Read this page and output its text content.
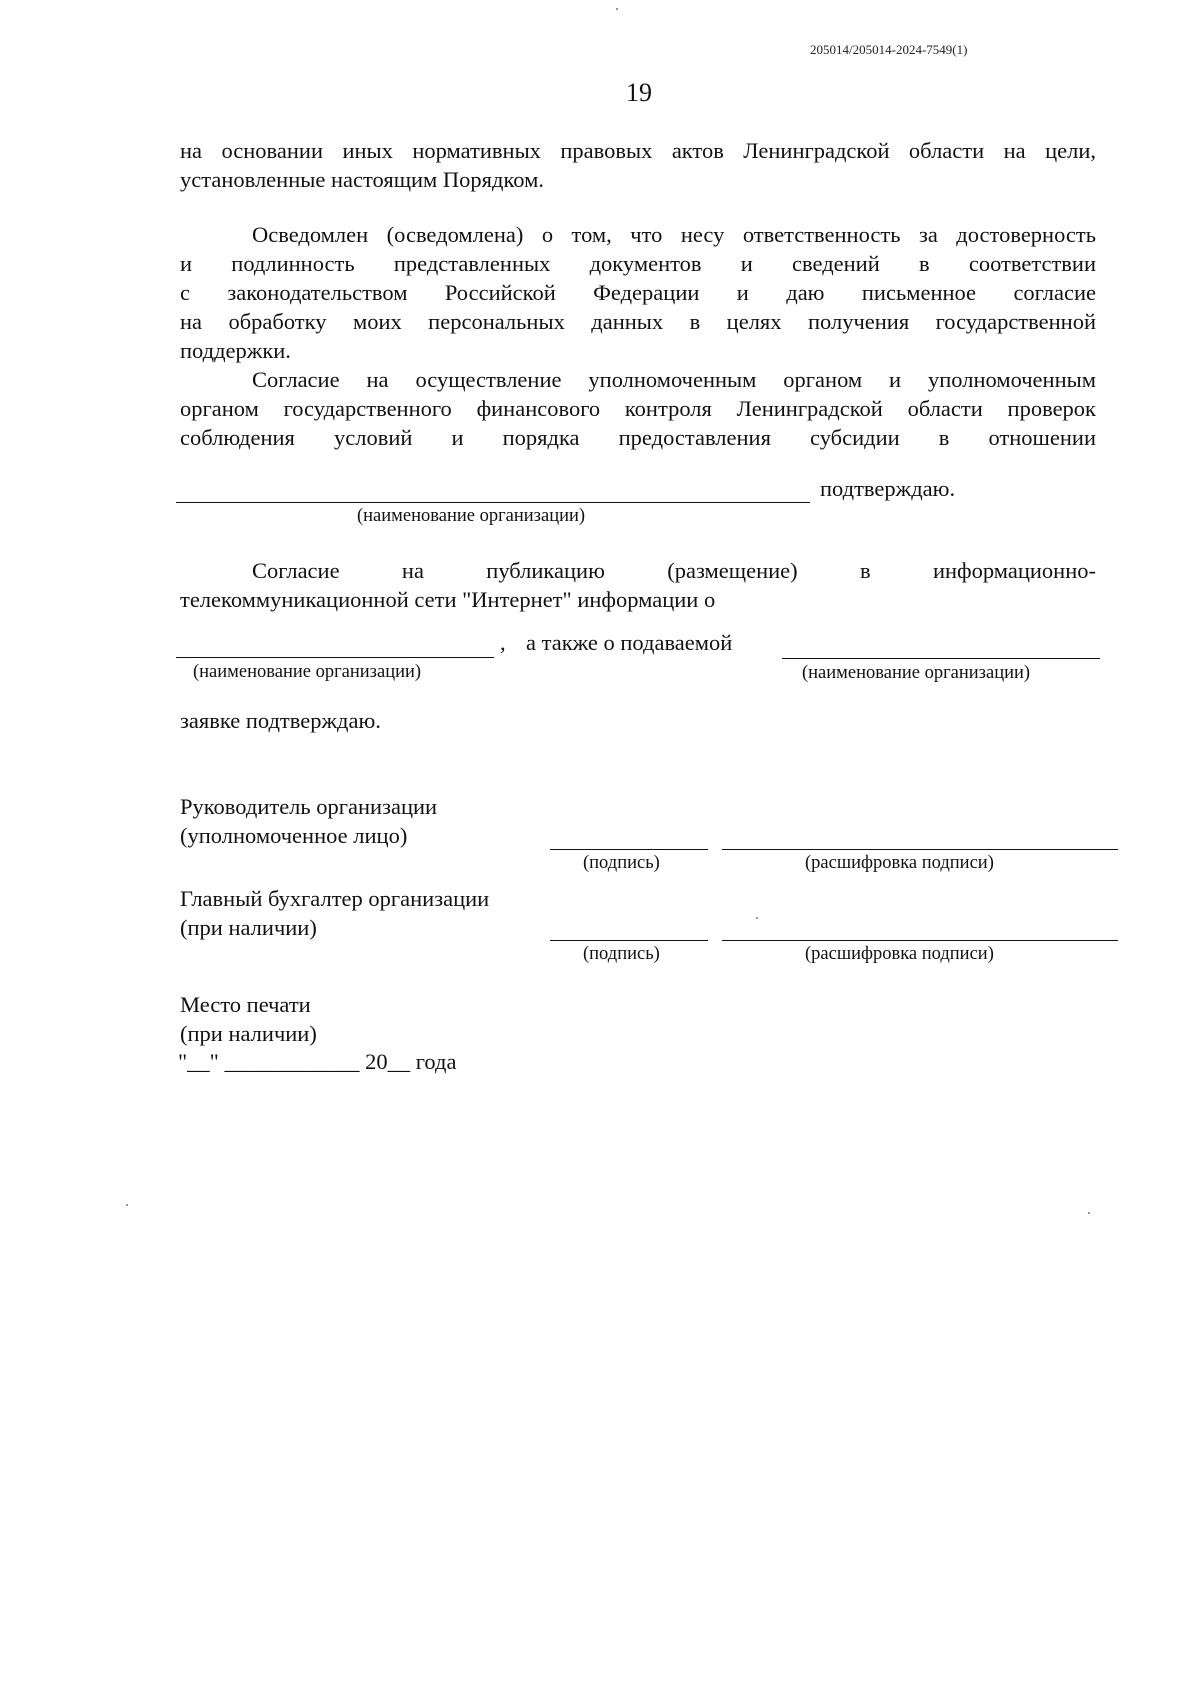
205014/205014-2024-7549(1)
19
на основании иных нормативных правовых актов Ленинградской области на цели,
установленные настоящим Порядком.
Осведомлен (осведомлена) о том, что несу ответственность за достоверность
и подлинность представленных документов и сведений в соответствии
с законодательством Российской Федерации и даю письменное согласие
на обработку моих персональных данных в целях получения государственной
поддержки.
Согласие на осуществление уполномоченным органом и уполномоченным
органом государственного финансового контроля Ленинградской области проверок
соблюдения условий и порядка предоставления субсидии в отношении
подтверждаю.
(наименование организации)
Согласие на публикацию (размещение) в информационно-
телекоммуникационной сети "Интернет" информации о
, а также о подаваемой
(наименование организации)	(наименование организации)
заявке подтверждаю.
Руководитель организации
(уполномоченное лицо)
(подпись)	(расшифровка подписи)
Главный бухгалтер организации
(при наличии)
(подпись)	(расшифровка подписи)
Место печати
(при наличии)
"__" ____________ 20__ года
